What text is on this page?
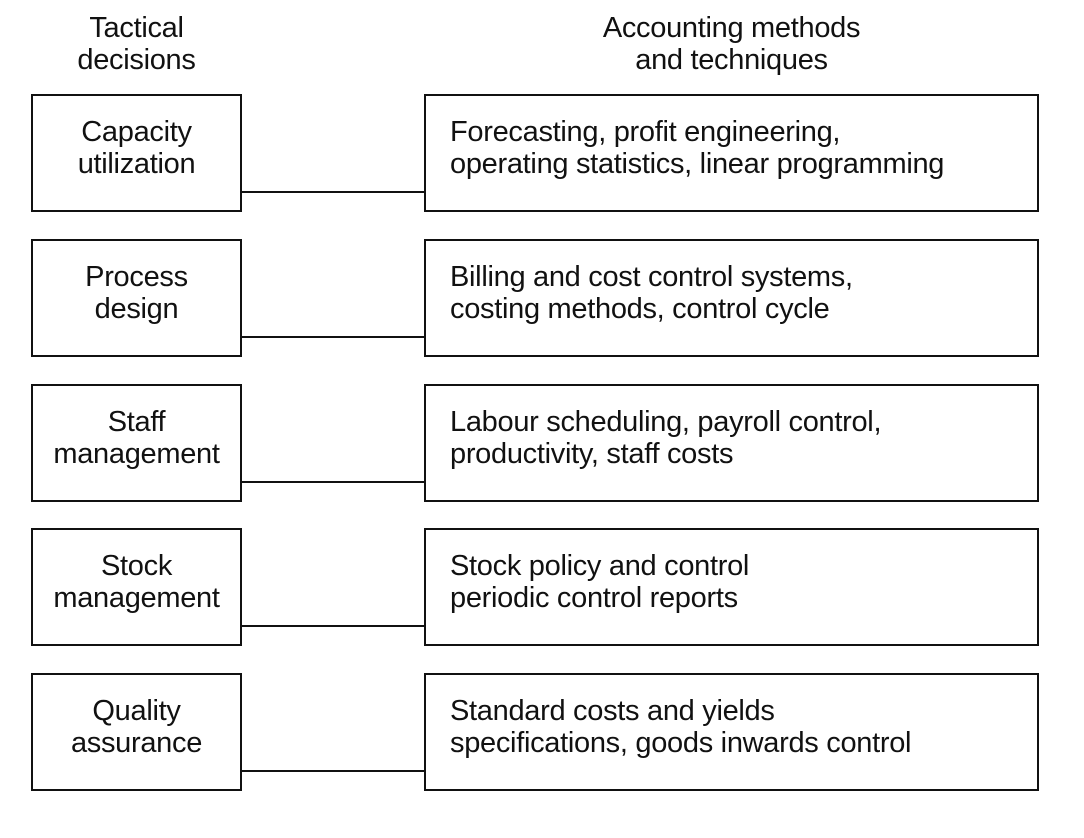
Tactical
decisions
Accounting methods
and techniques
Capacity
utilization
Forecasting, profit engineering,
operating statistics, linear programming
Process
design
Billing and cost control systems,
costing methods, control cycle
Staff
management
Labour scheduling, payroll control,
productivity, staff costs
Stock
management
Stock policy and control
periodic control reports
Quality
assurance
Standard costs and yields
specifications, goods inwards control
